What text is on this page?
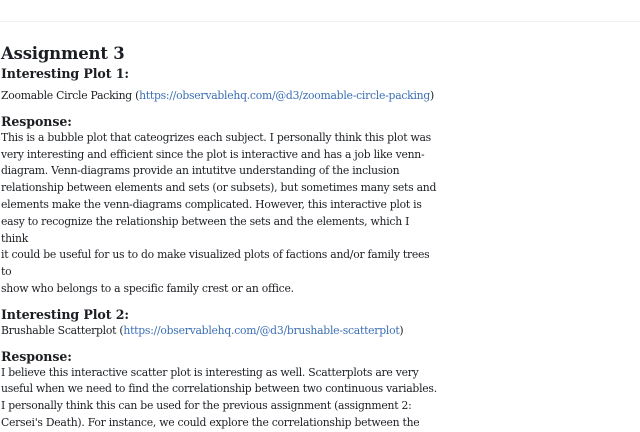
Assignment 3
Interesting Plot 1:

Zoomable Circle Packing (https://observablehq.com/@d3/zoomable-circle-packing)

Response:

This is a bubble plot that cateogrizes each subject. I personally think this plot was
very interesting and efficient since the plot is interactive and has a job like venn-
diagram. Venn-diagrams provide an intutitve understanding of the inclusion
relationship between elements and sets (or subsets), but sometimes many sets and
elements make the venn-diagrams complicated. However, this interactive plot is
easy to recognize the relationship between the sets and the elements, which I think
it could be useful for us to do make visualized plots of factions and/or family trees to
show who belongs to a specific family crest or an office.

Interesting Plot 2:

Brushable Scatterplot (https://observablehq.com/@d3/brushable-scatterplot)

Response:

I believe this interactive scatter plot is interesting as well. Scatterplots are very
useful when we need to find the correlationship between two continuous variables.
I personally think this can be used for the previous assignment (assignment 2:
Cersei's Death). For instance, we could explore the correlationship between the
